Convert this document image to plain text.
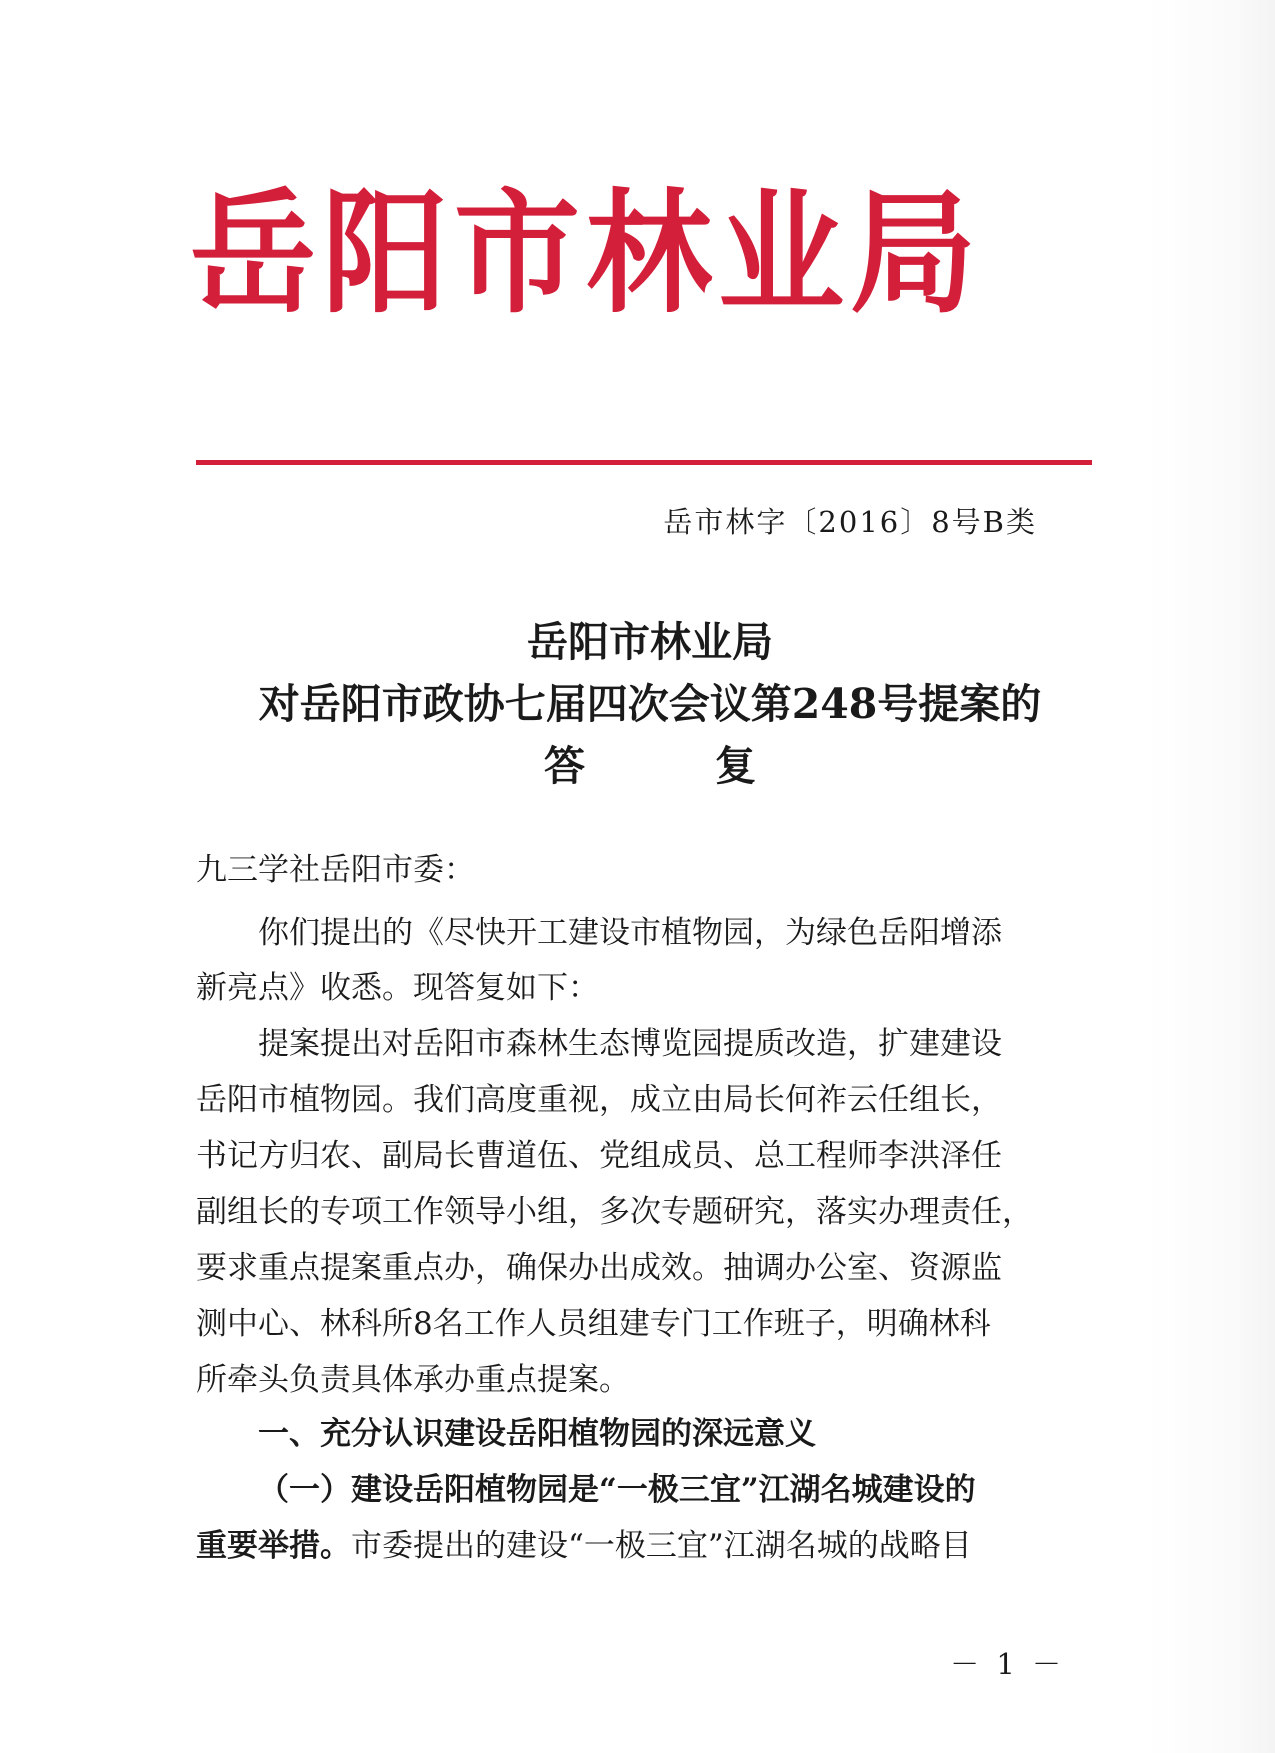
岳阳市林业局
岳市林字〔2016〕8号B类
岳阳市林业局
对岳阳市政协七届四次会议第248号提案的
答	复
九三学社岳阳市委：
你们提出的《尽快开工建设市植物园，为绿色岳阳增添
新亮点》收悉。现答复如下：
提案提出对岳阳市森林生态博览园提质改造，扩建建设
岳阳市植物园。我们高度重视，成立由局长何祚云任组长，
书记方归农、副局长曹道伍、党组成员、总工程师李洪泽任
副组长的专项工作领导小组，多次专题研究，落实办理责任，
要求重点提案重点办，确保办出成效。抽调办公室、资源监
测中心、林科所8名工作人员组建专门工作班子，明确林科
所牵头负责具体承办重点提案。
一、充分认识建设岳阳植物园的深远意义
（一）建设岳阳植物园是“一极三宜”江湖名城建设的
重要举措。市委提出的建设“一极三宜”江湖名城的战略目
－ 1 －
